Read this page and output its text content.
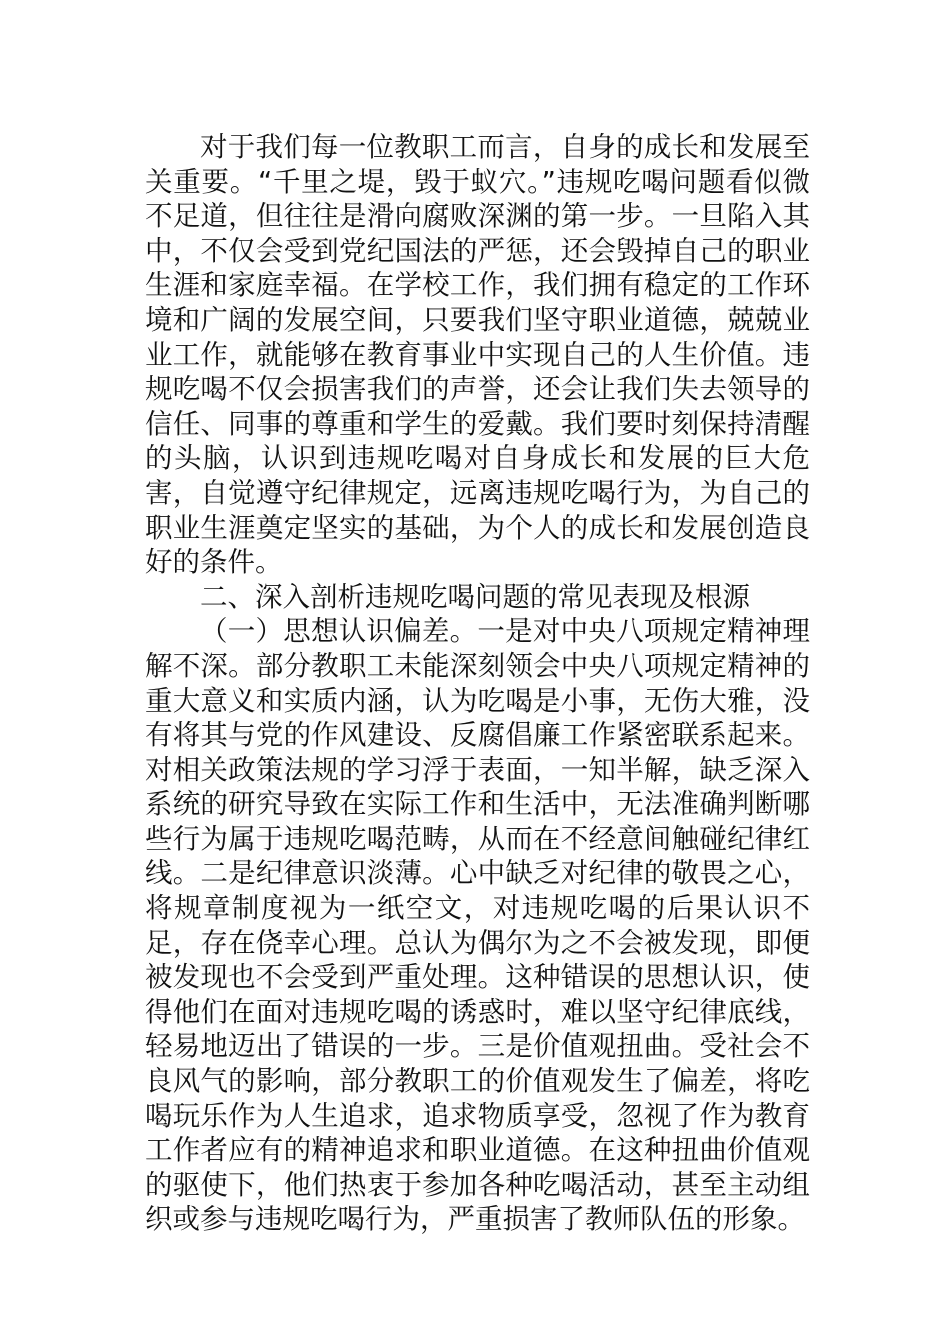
对于我们每一位教职工而言，自身的成长和发展至关重要。“千里之堤，毁于蚁穴。”违规吃喝问题看似微不足道，但往往是滑向腐败深渊的第一步。一旦陷入其中，不仅会受到党纪国法的严惩，还会毁掉自己的职业生涯和家庭幸福。在学校工作，我们拥有稳定的工作环境和广阔的发展空间，只要我们坚守职业道德，兢兢业业工作，就能够在教育事业中实现自己的人生价值。违规吃喝不仅会损害我们的声誉，还会让我们失去领导的信任、同事的尊重和学生的爱戴。我们要时刻保持清醒的头脑，认识到违规吃喝对自身成长和发展的巨大危害，自觉遵守纪律规定，远离违规吃喝行为，为自己的职业生涯奠定坚实的基础，为个人的成长和发展创造良好的条件。

二、深入剖析违规吃喝问题的常见表现及根源

（一）思想认识偏差。一是对中央八项规定精神理解不深。部分教职工未能深刻领会中央八项规定精神的重大意义和实质内涵，认为吃喝是小事，无伤大雅，没有将其与党的作风建设、反腐倡廉工作紧密联系起来。对相关政策法规的学习浮于表面，一知半解，缺乏深入系统的研究导致在实际工作和生活中，无法准确判断哪些行为属于违规吃喝范畴，从而在不经意间触碰纪律红线。二是纪律意识淡薄。心中缺乏对纪律的敬畏之心，将规章制度视为一纸空文，对违规吃喝的后果认识不足，存在侥幸心理。总认为偶尔为之不会被发现，即便被发现也不会受到严重处理。这种错误的思想认识，使得他们在面对违规吃喝的诱惑时，难以坚守纪律底线，轻易地迈出了错误的一步。三是价值观扭曲。受社会不良风气的影响，部分教职工的价值观发生了偏差，将吃喝玩乐作为人生追求，追求物质享受，忽视了作为教育工作者应有的精神追求和职业道德。在这种扭曲价值观的驱使下，他们热衷于参加各种吃喝活动，甚至主动组织或参与违规吃喝行为，严重损害了教师队伍的形象。
